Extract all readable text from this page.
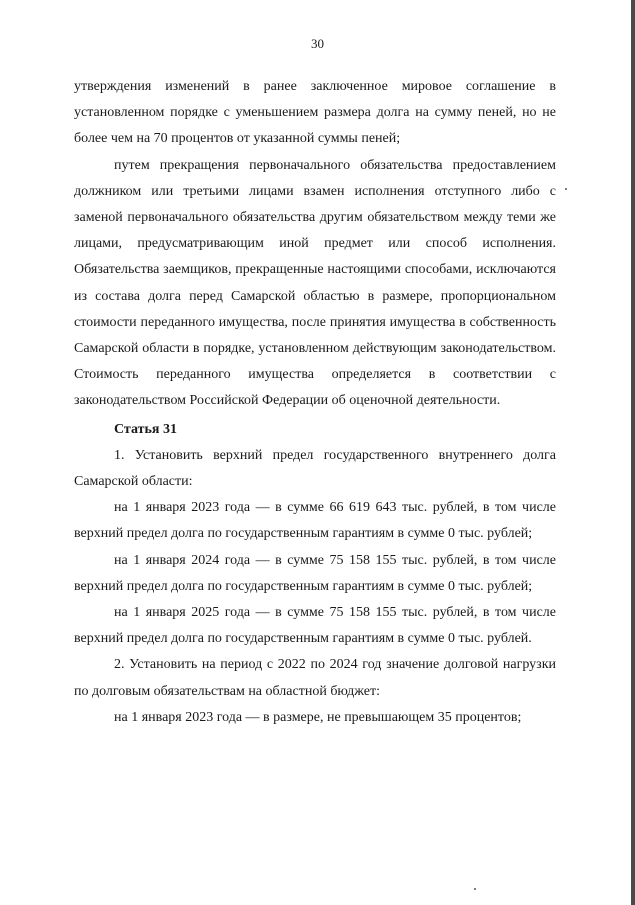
30

утверждения изменений в ранее заключенное мировое соглашение в установленном порядке с уменьшением размера долга на сумму пеней, но не более чем на 70 процентов от указанной суммы пеней;

путем прекращения первоначального обязательства предоставлением должником или третьими лицами взамен исполнения отступного либо с заменой первоначального обязательства другим обязательством между теми же лицами, предусматривающим иной предмет или способ исполнения. Обязательства заемщиков, прекращенные настоящими способами, исключаются из состава долга перед Самарской областью в размере, пропорциональном стоимости переданного имущества, после принятия имущества в собственность Самарской области в порядке, установленном действующим законодательством. Стоимость переданного имущества определяется в соответствии с законодательством Российской Федерации об оценочной деятельности.

Статья 31

1. Установить верхний предел государственного внутреннего долга Самарской области:

на 1 января 2023 года — в сумме 66 619 643 тыс. рублей, в том числе верхний предел долга по государственным гарантиям в сумме 0 тыс. рублей;

на 1 января 2024 года — в сумме 75 158 155 тыс. рублей, в том числе верхний предел долга по государственным гарантиям в сумме 0 тыс. рублей;

на 1 января 2025 года — в сумме 75 158 155 тыс. рублей, в том числе верхний предел долга по государственным гарантиям в сумме 0 тыс. рублей.

2. Установить на период с 2022 по 2024 год значение долговой нагрузки по долговым обязательствам на областной бюджет:

на 1 января 2023 года — в размере, не превышающем 35 процентов;
